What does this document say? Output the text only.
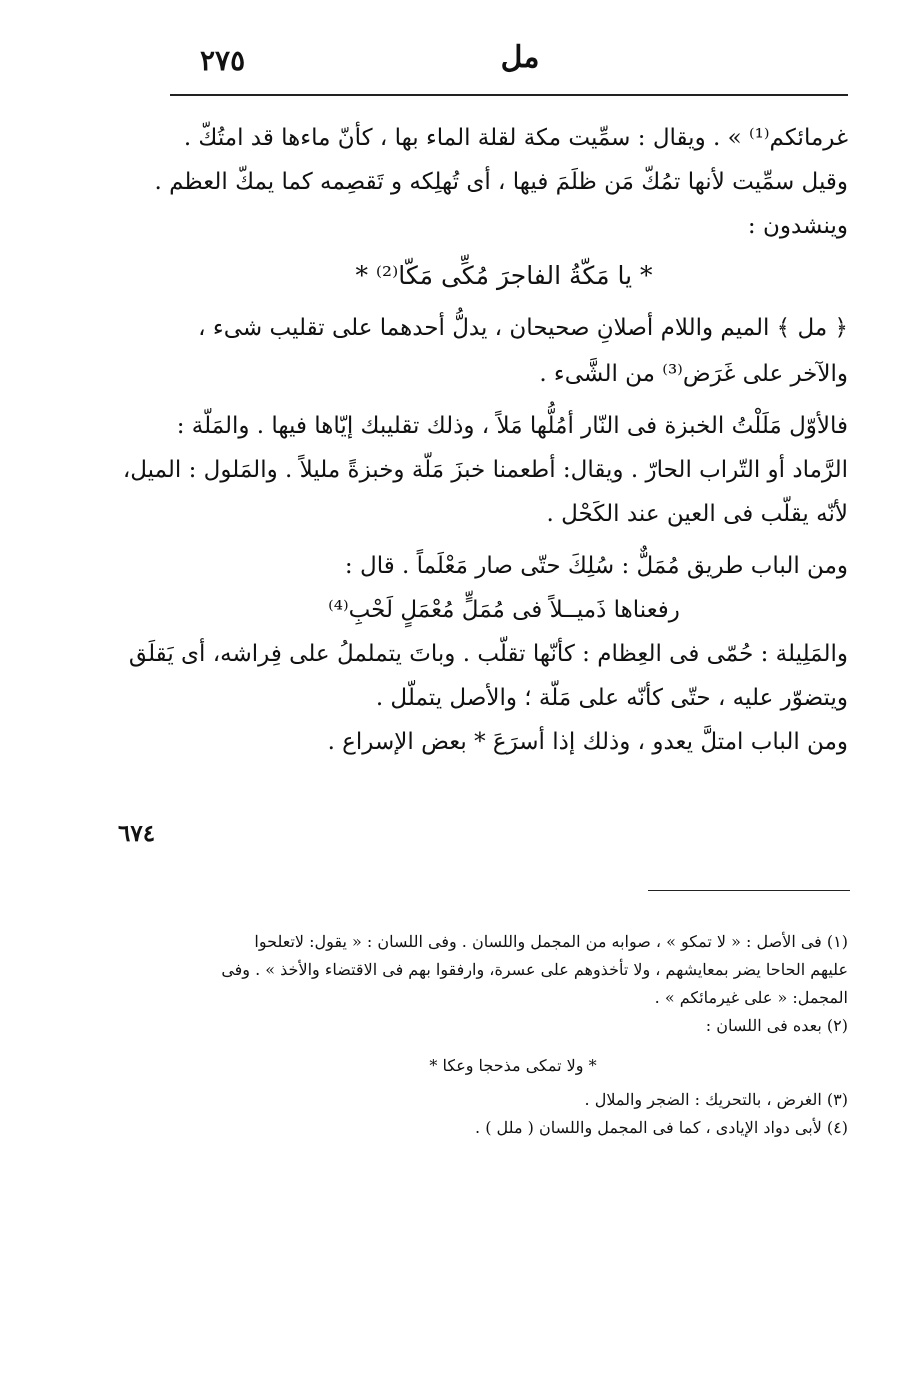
٢٧٥	مل
غرمائكم⁽¹⁾ » . ويقال : سمِّيت مكة لقلة الماء بها ، كأنّ ماءها قد امتُكّ .
وقيل سمِّيت لأنها تمُكّ مَن ظلَمَ فيها ، أى تُهلِكه و تَقصِمه كما يمكّ العظم .
وينشدون :
* يا مَكّةُ الفاجرَ مُكِّى مَكّا⁽²⁾ *
﴿ مل ﴾ الميم واللام أصلانِ صحيحان ، يدلُّ أحدهما على تقليب شىء ،
والآخر على غَرَض⁽³⁾ من الشَّىء .
فالأوّل مَلَلْتُ الخبزة فى النّار أمُلُّها مَلاً ، وذلك تقليبك إيّاها فيها . والمَلّة :
الرَّماد أو التّراب الحارّ . ويقال: أطعمنا خبزَ مَلّة وخبزةً مليلاً . والمَلول : الميل،
لأنّه يقلّب فى العين عند الكَحْل .
ومن الباب طريق مُمَلٌّ : سُلِكَ حتّى صار مَعْلَماً . قال :
رفعناها ذَميــلاً فى مُمَلٍّ مُعْمَلٍ لَحْبِ⁽⁴⁾
والمَلِيلة : حُمّى فى العِظام : كأنّها تقلّب . وباتَ يتململُ على فِراشه، أى يَقلَق
ويتضوّر عليه ، حتّى كأنّه على مَلّة ؛ والأصل يتملّل .
ومن الباب امتلَّ يعدو ، وذلك إذا أسرَعَ * بعض الإسراع .
٦٧٤
(١) فى الأصل : « لا تمكو » ، صوابه من المجمل واللسان . وفى اللسان : « يقول: لاتعلحوا
عليهم الحاحا يضر بمعايشهم ، ولا تأخذوهم على عسرة، وارفقوا بهم فى الاقتضاء والأخذ » . وفى
المجمل: « على غيرمائكم » .
(٢) بعده فى اللسان :
* ولا تمكى مذحجا وعكا *
(٣) الغرض ، بالتحريك : الضجر والملال .
(٤) لأبى دواد الإيادى ، كما فى المجمل واللسان ( ملل ) .
